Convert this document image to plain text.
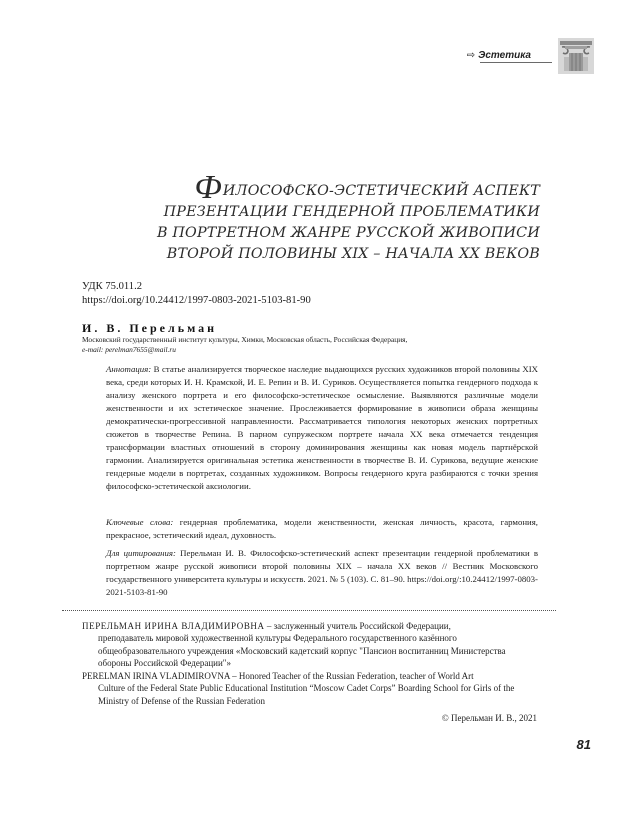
⇨ Эстетика
ФИЛОСОФСКО-ЭСТЕТИЧЕСКИЙ АСПЕКТ
ПРЕЗЕНТАЦИИ ГЕНДЕРНОЙ ПРОБЛЕМАТИКИ
В ПОРТРЕТНОМ ЖАНРЕ РУССКОЙ ЖИВОПИСИ
ВТОРОЙ ПОЛОВИНЫ XIX – НАЧАЛА XX ВЕКОВ
УДК 75.011.2
https://doi.org/10.24412/1997-0803-2021-5103-81-90
И. В. Перельман
Московский государственный институт культуры, Химки, Московская область, Российская Федерация,
e-mail: perelman7655@mail.ru
Аннотация: В статье анализируется творческое наследие выдающихся русских художников второй половины XIX века, среди которых И. Н. Крамской, И. Е. Репин и В. И. Суриков. Осуществляется попытка гендерного подхода к анализу женского портрета и его философско-эстетическое осмысление. Выявляются различные модели женственности и их эстетическое значение. Прослеживается формирование в живописи образа женщины демократически-прогрессивной направленности. Рассматривается типология некоторых женских портретных сюжетов в творчестве Репина. В парном супружеском портрете начала XX века отмечается тенденция трансформации властных отношений в сторону доминирования женщины как новая модель партнёрской гармонии. Анализируется оригинальная эстетика женственности в творчестве В. И. Сурикова, ведущие женские гендерные модели в портретах, созданных художником. Вопросы гендерного круга разбираются с точки зрения философско-эстетической аксиологии.
Ключевые слова: гендерная проблематика, модели женственности, женская личность, красота, гармония, прекрасное, эстетический идеал, духовность.
Для цитирования: Перельман И. В. Философско-эстетический аспект презентации гендерной проблематики в портретном жанре русской живописи второй половины XIX – начала XX веков // Вестник Московского государственного университета культуры и искусств. 2021. № 5 (103). С. 81–90. https://doi.org/:10.24412/1997-0803-2021-5103-81-90
ПЕРЕЛЬМАН ИРИНА ВЛАДИМИРОВНА – заслуженный учитель Российской Федерации,
преподаватель мировой художественной культуры Федерального государственного казённого общеобразовательного учреждения «Московский кадетский корпус "Пансион воспитанниц Министерства обороны Российской Федерации"»
PERELMAN IRINA VLADIMIROVNA – Honored Teacher of the Russian Federation, teacher of World Art
Culture of the Federal State Public Educational Institution “Moscow Cadet Corps” Boarding School for Girls of the Ministry of Defense of the Russian Federation
© Перельман И. В., 2021
81
